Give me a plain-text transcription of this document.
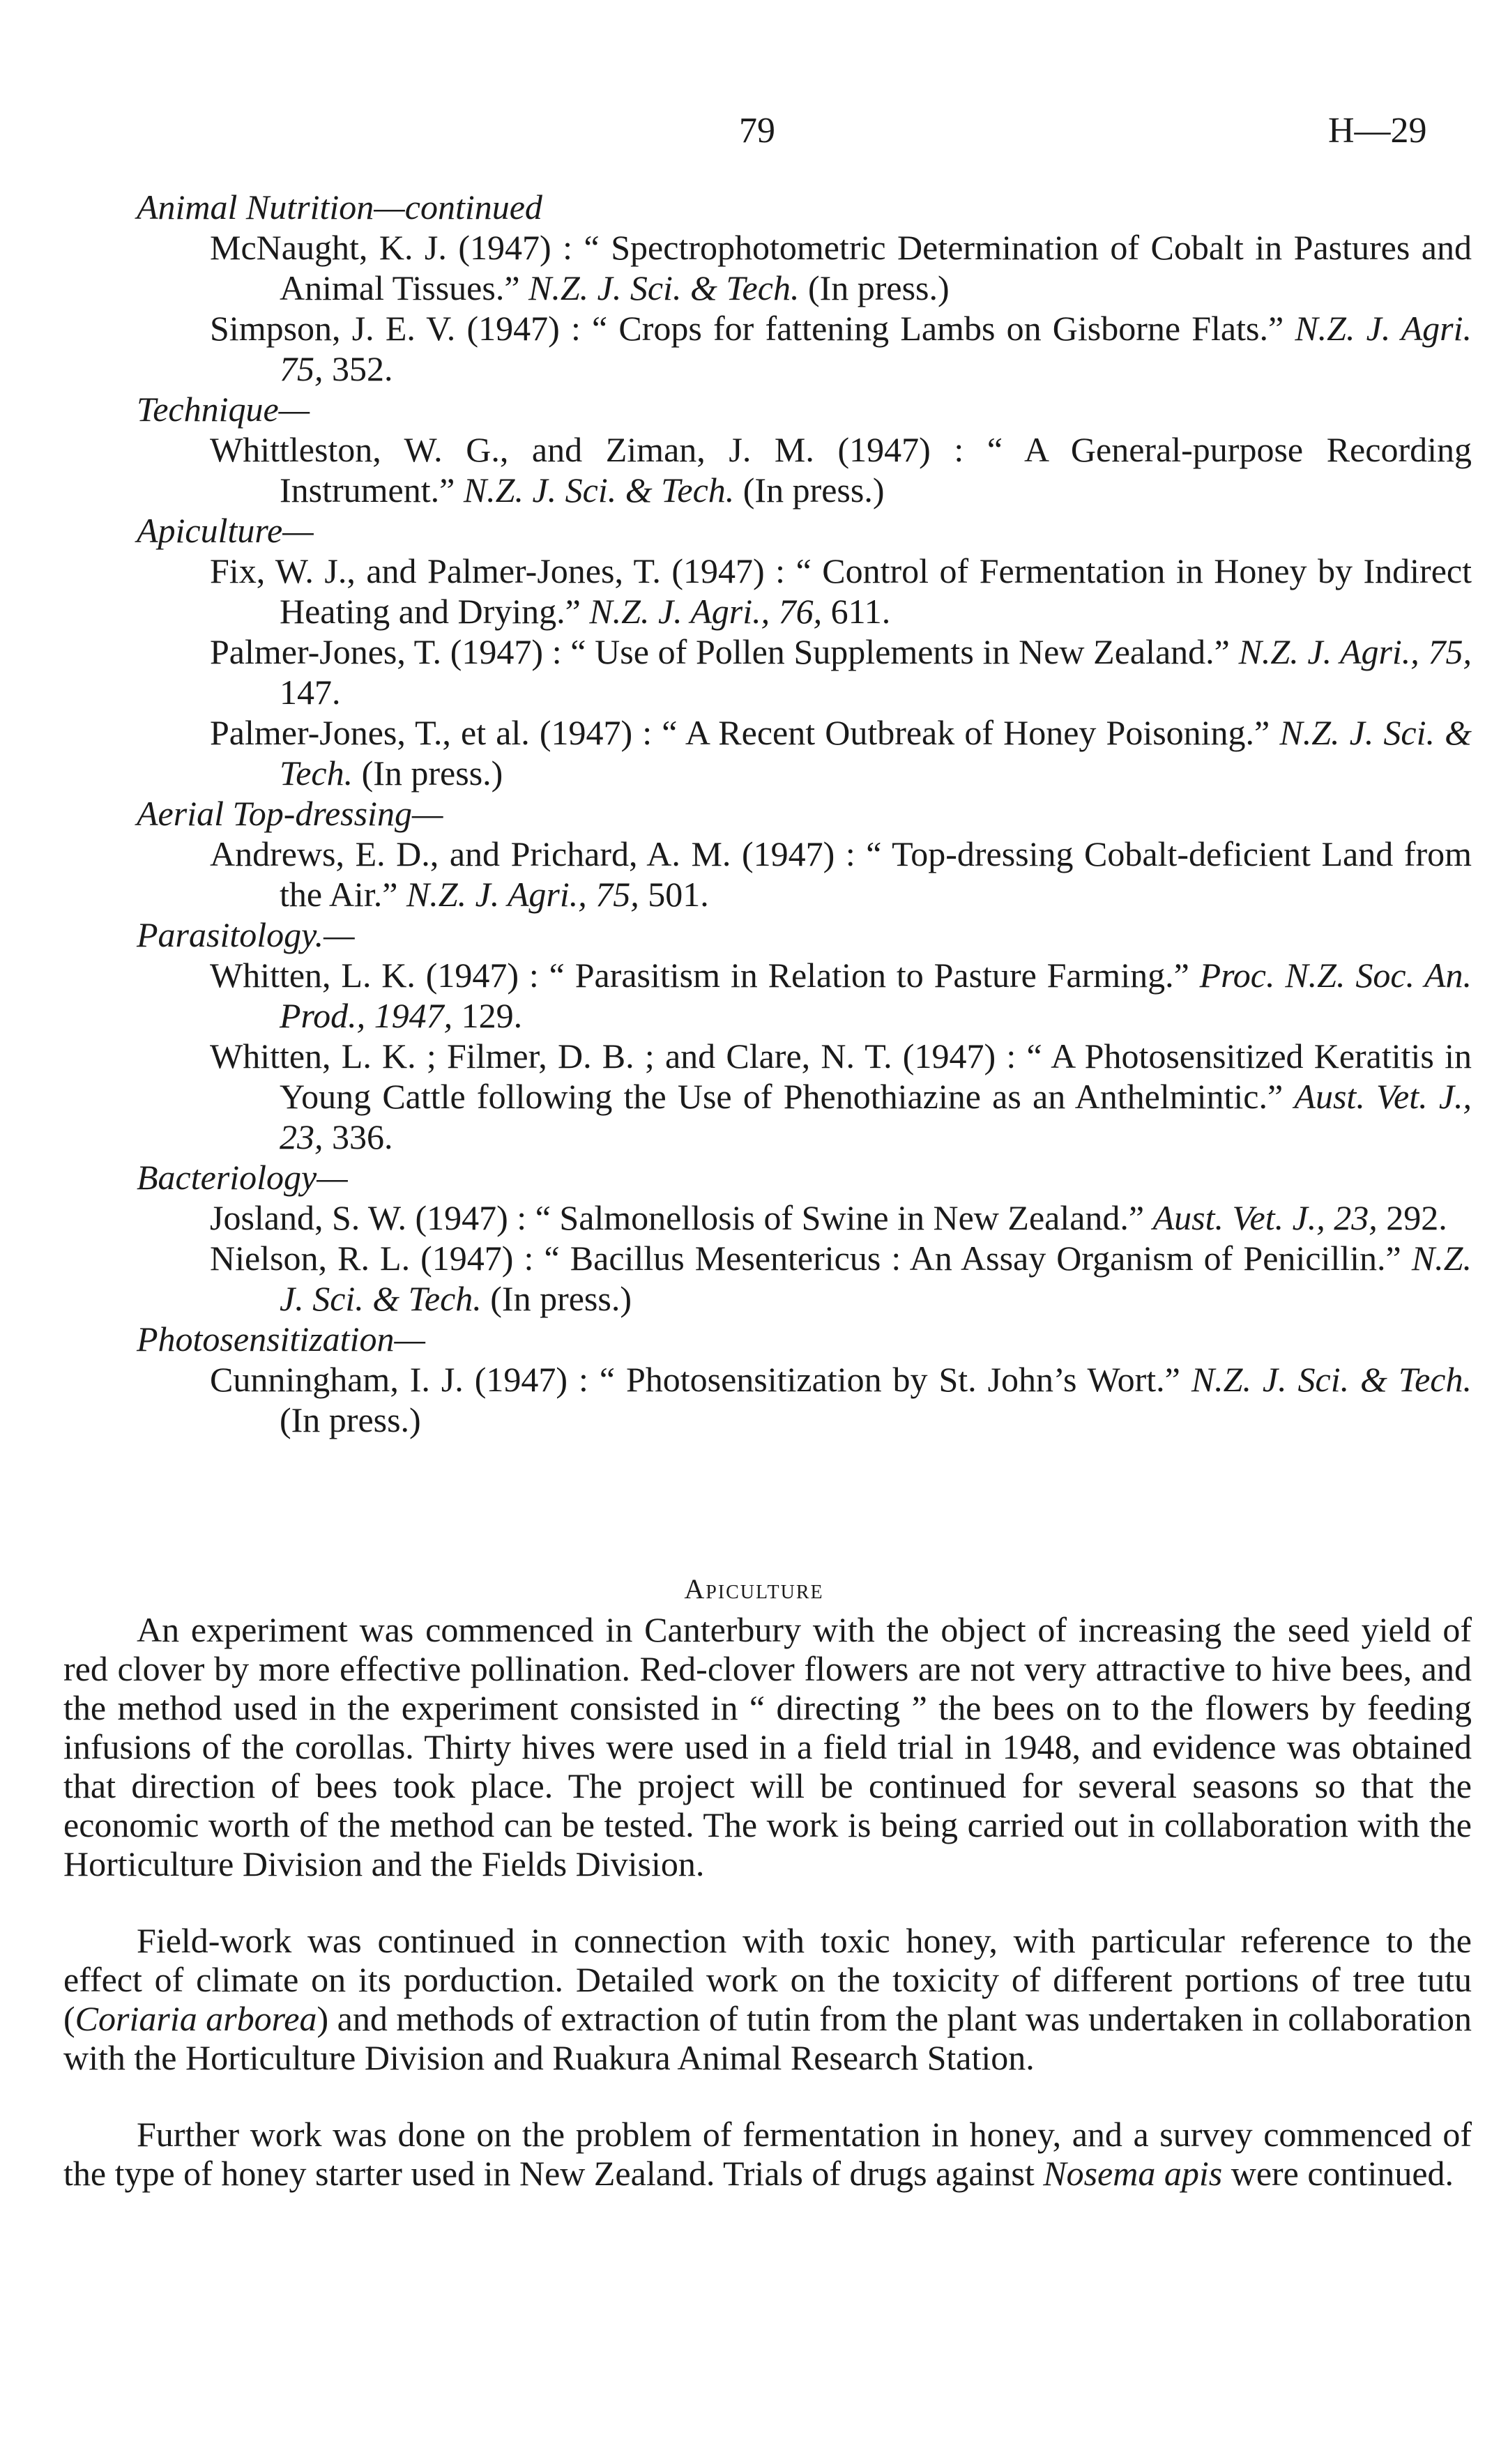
79	H—29
Animal Nutrition—continued
McNaught, K. J. (1947) : “ Spectrophotometric Determination of Cobalt in Pastures and Animal Tissues.” N.Z. J. Sci. & Tech. (In press.)
Simpson, J. E. V. (1947) : “ Crops for fattening Lambs on Gisborne Flats.” N.Z. J. Agri. 75, 352.
Technique—
Whittleston, W. G., and Ziman, J. M. (1947) : “ A General-purpose Recording Instrument.” N.Z. J. Sci. & Tech. (In press.)
Apiculture—
Fix, W. J., and Palmer-Jones, T. (1947) : “ Control of Fermentation in Honey by Indirect Heating and Drying.” N.Z. J. Agri., 76, 611.
Palmer-Jones, T. (1947) : “ Use of Pollen Supplements in New Zealand.” N.Z. J. Agri., 75, 147.
Palmer-Jones, T., et al. (1947) : “ A Recent Outbreak of Honey Poisoning.” N.Z. J. Sci. & Tech. (In press.)
Aerial Top-dressing—
Andrews, E. D., and Prichard, A. M. (1947) : “ Top-dressing Cobalt-deficient Land from the Air.” N.Z. J. Agri., 75, 501.
Parasitology.—
Whitten, L. K. (1947) : “ Parasitism in Relation to Pasture Farming.” Proc. N.Z. Soc. An. Prod., 1947, 129.
Whitten, L. K. ; Filmer, D. B. ; and Clare, N. T. (1947) : “ A Photosensitized Keratitis in Young Cattle following the Use of Phenothiazine as an Anthelmintic.” Aust. Vet. J., 23, 336.
Bacteriology—
Josland, S. W. (1947) : “ Salmonellosis of Swine in New Zealand.” Aust. Vet. J., 23, 292.
Nielson, R. L. (1947) : “ Bacillus Mesentericus : An Assay Organism of Penicillin.” N.Z. J. Sci. & Tech. (In press.)
Photosensitization—
Cunningham, I. J. (1947) : “ Photosensitization by St. John’s Wort.” N.Z. J. Sci. & Tech. (In press.)
Apiculture

An experiment was commenced in Canterbury with the object of increasing the seed yield of red clover by more effective pollination. Red-clover flowers are not very attractive to hive bees, and the method used in the experiment consisted in “ directing ” the bees on to the flowers by feeding infusions of the corollas. Thirty hives were used in a field trial in 1948, and evidence was obtained that direction of bees took place. The project will be continued for several seasons so that the economic worth of the method can be tested. The work is being carried out in collaboration with the Horticulture Division and the Fields Division.

Field-work was continued in connection with toxic honey, with particular reference to the effect of climate on its porduction. Detailed work on the toxicity of different portions of tree tutu (Coriaria arborea) and methods of extraction of tutin from the plant was undertaken in collaboration with the Horticulture Division and Ruakura Animal Research Station.

Further work was done on the problem of fermentation in honey, and a survey commenced of the type of honey starter used in New Zealand. Trials of drugs against Nosema apis were continued.
